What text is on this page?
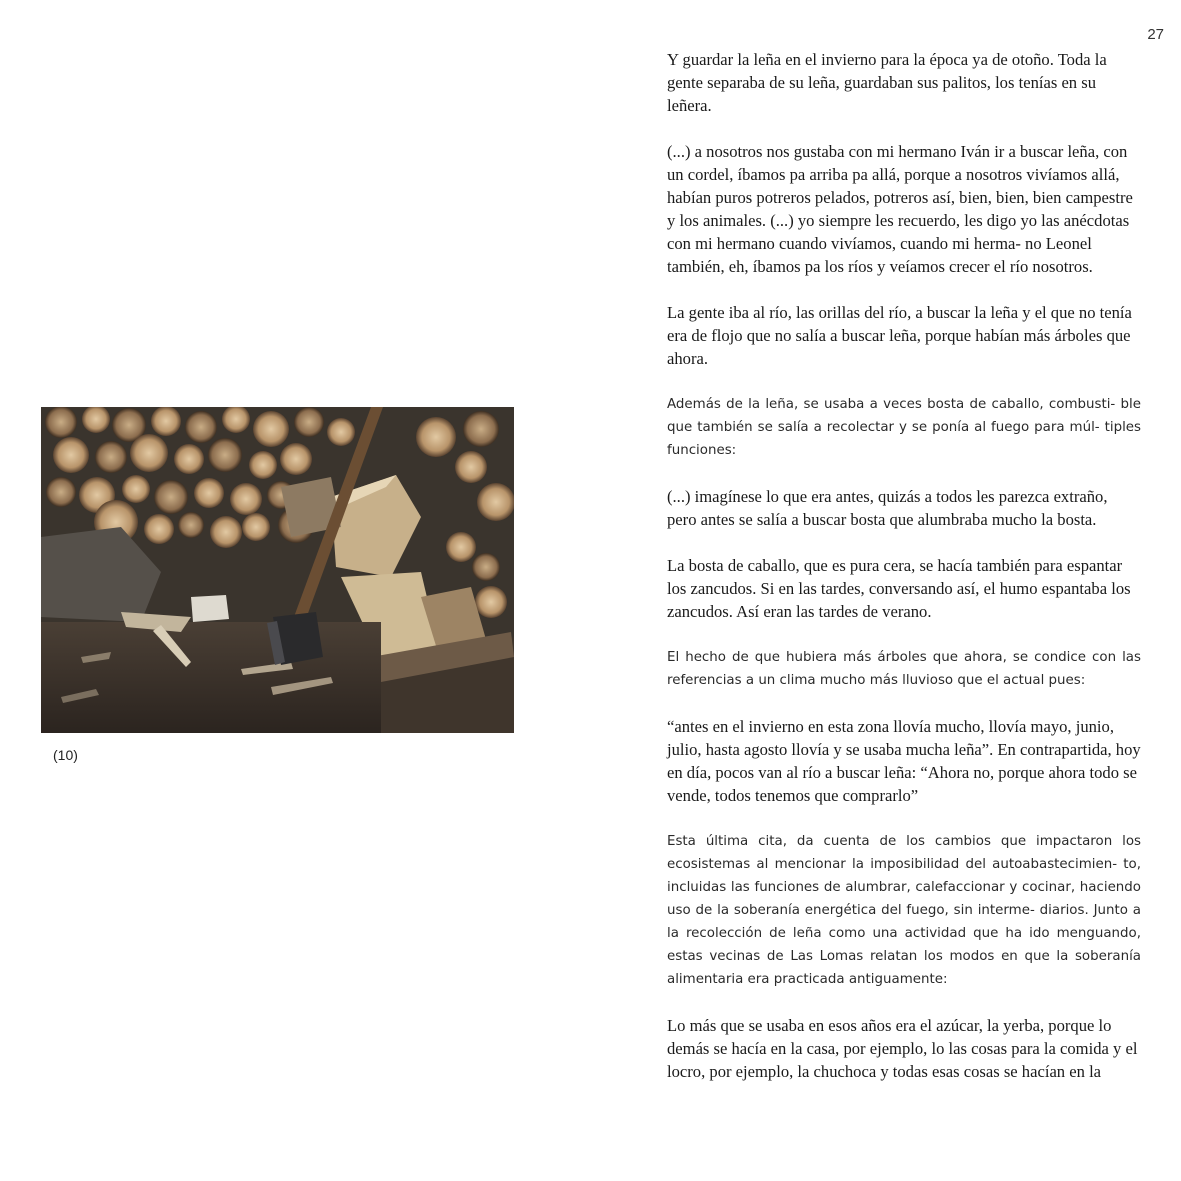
27
(10)

Y guardar la leña en el invierno para la época ya de otoño. Toda la gente separaba de su leña, guardaban sus palitos, los tenías en su leñera.

(...) a nosotros nos gustaba con mi hermano Iván ir a buscar leña, con un cordel, íbamos pa arriba pa allá, porque a nosotros vivíamos allá, habían puros potreros pelados, potreros así, bien, bien, bien campestre y los animales. (...) yo siempre les recuerdo, les digo yo las anécdotas con mi hermano cuando vivíamos, cuando mi herma- no Leonel también, eh, íbamos pa los ríos y veíamos crecer el río nosotros.

La gente iba al río, las orillas del río, a buscar la leña y el que no tenía era de flojo que no salía a buscar leña, porque habían más árboles que ahora.

Además de la leña, se usaba a veces bosta de caballo, combusti- ble que también se salía a recolectar y se ponía al fuego para múl- tiples funciones:

(...) imagínese lo que era antes, quizás a todos les parezca extraño, pero antes se salía a buscar bosta que alumbraba mucho la bosta.

La bosta de caballo, que es pura cera, se hacía también para espantar los zancudos. Si en las tardes, conversando así, el humo espantaba los zancudos. Así eran las tardes de verano.

El hecho de que hubiera más árboles que ahora, se condice con las referencias a un clima mucho más lluvioso que el actual pues:

“antes en el invierno en esta zona llovía mucho, llovía mayo, junio, julio, hasta agosto llovía y se usaba mucha leña”. En contrapartida, hoy en día, pocos van al río a buscar leña: “Ahora no, porque ahora todo se vende, todos tenemos que comprarlo”

Esta última cita, da cuenta de los cambios que impactaron los ecosistemas al mencionar la imposibilidad del autoabastecimien- to, incluidas las funciones de alumbrar, calefaccionar y cocinar, haciendo uso de la soberanía energética del fuego, sin interme- diarios. Junto a la recolección de leña como una actividad que ha ido menguando, estas vecinas de Las Lomas relatan los modos en que la soberanía alimentaria era practicada antiguamente:

Lo más que se usaba en esos años era el azúcar, la yerba, porque lo demás se hacía en la casa, por ejemplo, lo las cosas para la comida y el locro, por ejemplo, la chuchoca y todas esas cosas se hacían en la
